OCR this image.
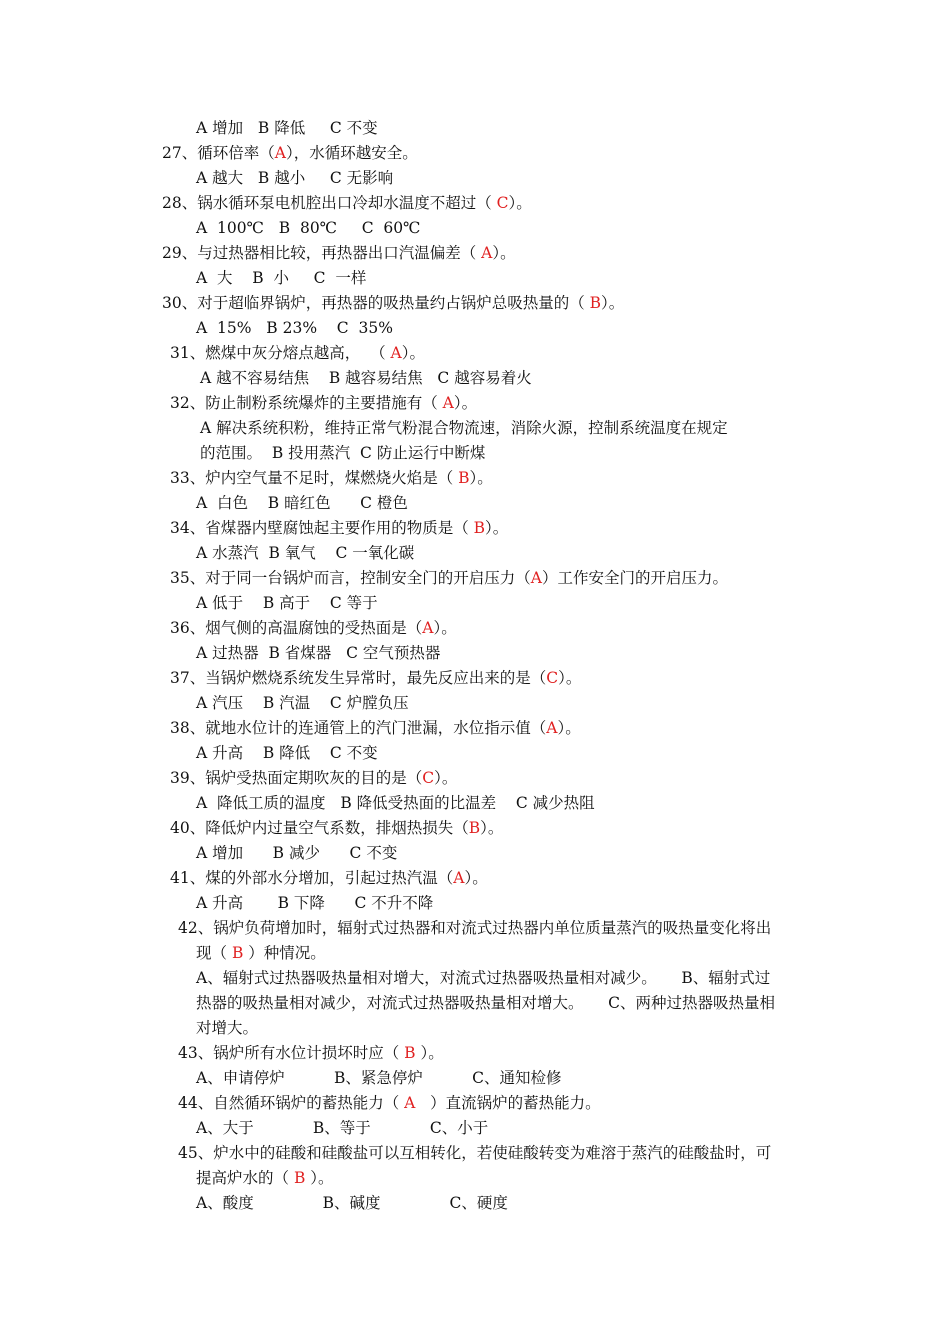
A 增加   B 降低     C 不变
27、循环倍率（A），水循环越安全。
A 越大   B 越小     C 无影响
28、锅水循环泵电机腔出口冷却水温度不超过（ C）。
A  100℃   B  80℃     C  60℃
29、与过热器相比较，再热器出口汽温偏差（ A）。
A  大    B  小     C  一样
30、对于超临界锅炉，再热器的吸热量约占锅炉总吸热量的（ B）。
A  15%   B 23%    C  35%
31、燃煤中灰分熔点越高，  （ A）。
A 越不容易结焦    B 越容易结焦   C 越容易着火
32、防止制粉系统爆炸的主要措施有（ A）。
A 解决系统积粉，维持正常气粉混合物流速，消除火源，控制系统温度在规定
的范围。  B 投用蒸汽  C 防止运行中断煤
33、炉内空气量不足时，煤燃烧火焰是（ B）。
A  白色    B 暗红色      C 橙色
34、省煤器内壁腐蚀起主要作用的物质是（ B）。
A 水蒸汽  B 氧气    C 一氧化碳
35、对于同一台锅炉而言，控制安全门的开启压力（A）工作安全门的开启压力。
A 低于    B 高于    C 等于
36、烟气侧的高温腐蚀的受热面是（A）。
A 过热器  B 省煤器   C 空气预热器
37、当锅炉燃烧系统发生异常时，最先反应出来的是（C）。
A 汽压    B 汽温    C 炉膛负压
38、就地水位计的连通管上的汽门泄漏，水位指示值（A）。
A 升高    B 降低    C 不变
39、锅炉受热面定期吹灰的目的是（C）。
A  降低工质的温度   B 降低受热面的比温差    C 减少热阻
40、降低炉内过量空气系数，排烟热损失（B）。
A 增加      B 减少      C 不变
41、煤的外部水分增加，引起过热汽温（A）。
A 升高       B 下降      C 不升不降
42、锅炉负荷增加时，辐射式过热器和对流式过热器内单位质量蒸汽的吸热量变化将出
现（ B ）种情况。
A、辐射式过热器吸热量相对增大，对流式过热器吸热量相对减少。     B、辐射式过
热器的吸热量相对减少，对流式过热器吸热量相对增大。     C、两种过热器吸热量相
对增大。
43、锅炉所有水位计损坏时应（ B ）。
A、申请停炉          B、紧急停炉          C、通知检修
44、自然循环锅炉的蓄热能力（ A   ）直流锅炉的蓄热能力。
A、大于            B、等于            C、小于
45、炉水中的硅酸和硅酸盐可以互相转化，若使硅酸转变为难溶于蒸汽的硅酸盐时，可
提高炉水的（ B ）。
A、酸度              B、碱度              C、硬度
